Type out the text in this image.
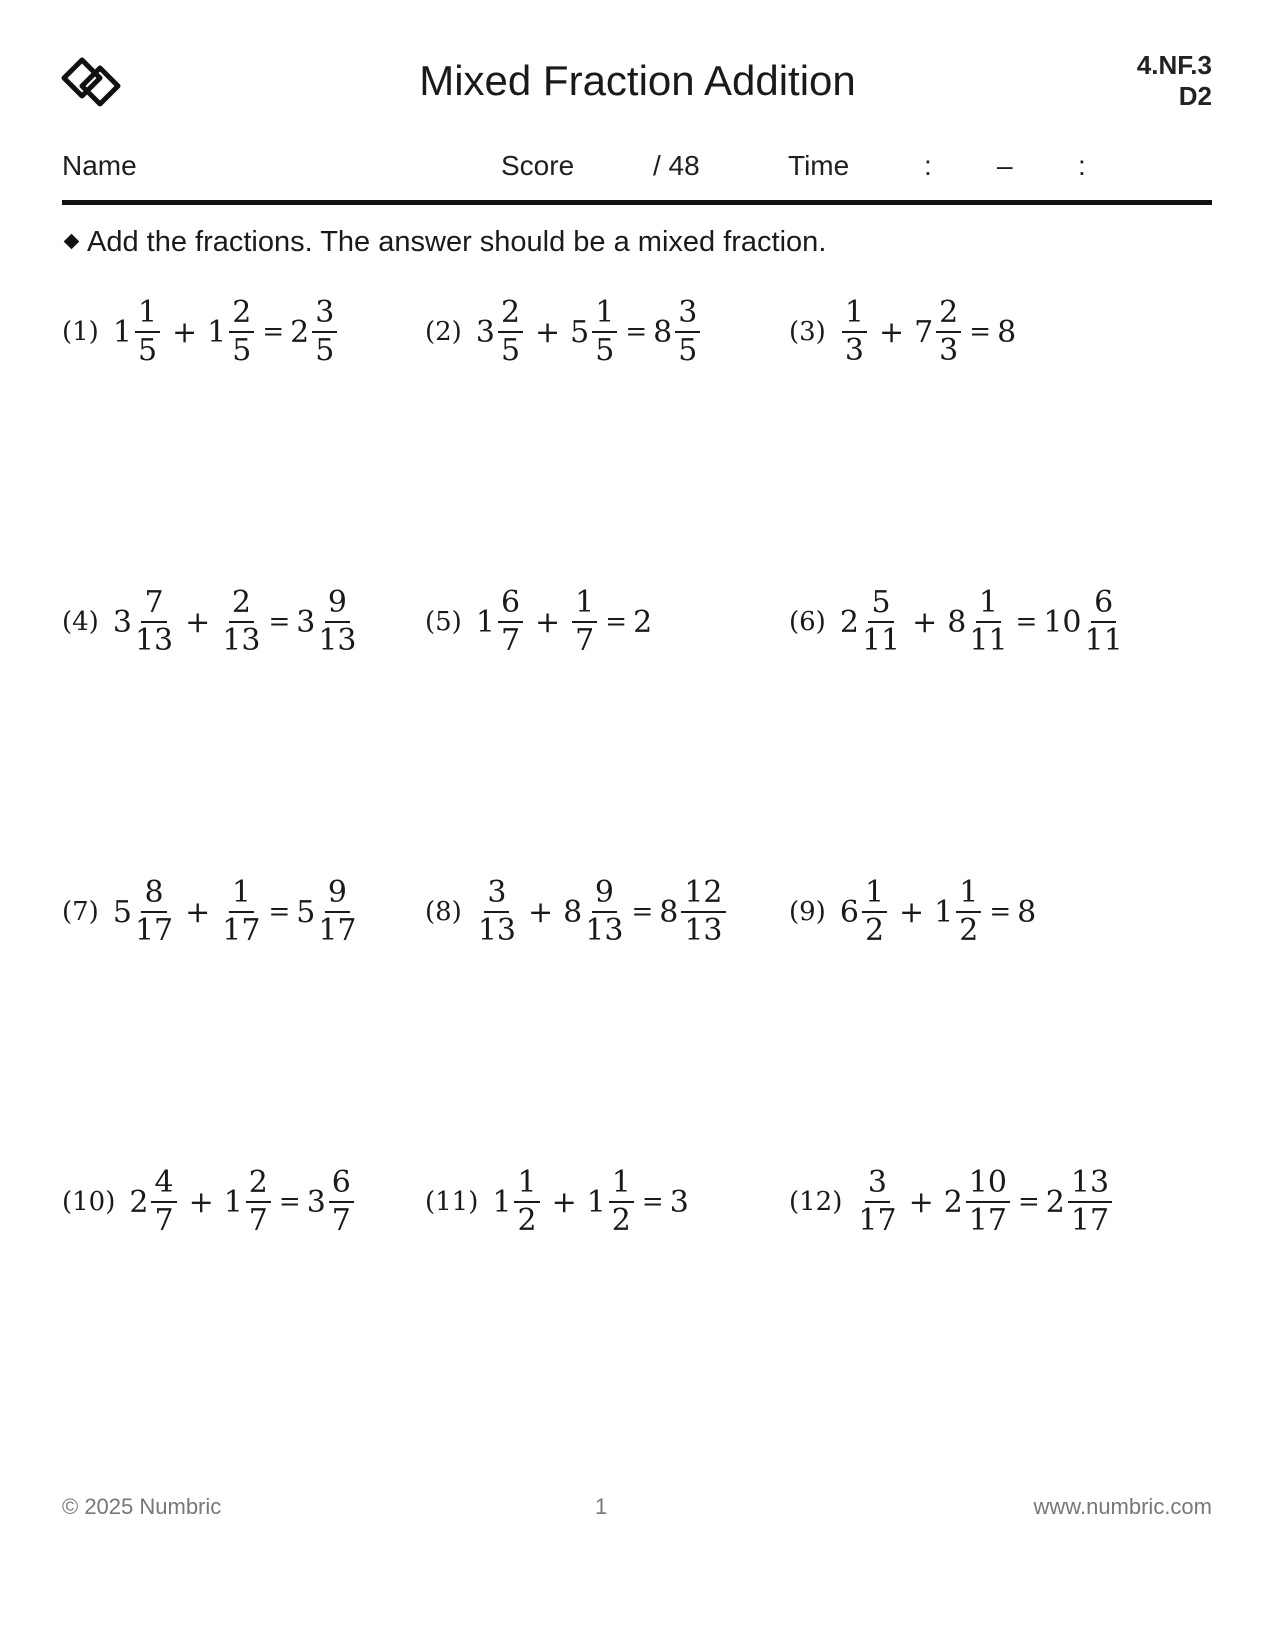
Mixed Fraction Addition	4.NF.3
D2
Name	Score	/ 48	Time	: – :
Add the fractions. The answer should be a mixed fraction.
(1) $1 \frac{1}{5} + 1 \frac{2}{5} = 2 \frac{3}{5}$	(2) $3 \frac{2}{5} + 5 \frac{1}{5} = 8 \frac{3}{5}$	$(3) \frac{1}{3} + 7 \frac{2}{3} = 8$
(4) $3 \frac{7}{13} + \frac{2}{13} = 3 \frac{9}{13}$	(5) $1 \frac{6}{7} + \frac{1}{7} = 2$	(6) $2 \frac{5}{11} + 8 \frac{1}{11} = 10 \frac{6}{11}$
(7) $5 \frac{8}{17} + \frac{1}{17} = 5 \frac{9}{17}$	$(8) \frac{3}{13} + 8 \frac{9}{13} = 8 \frac{12}{13} (9)$ $6 \frac{1}{2} + 1 \frac{1}{2} = 8$
(10) $2 \frac{4}{7} + 1 \frac{2}{7} = 3 \frac{6}{7}$	(11) $1 \frac{1}{2} + 1 \frac{1}{2} = 3$	$(12) \frac{3}{17} + 2 \frac{10}{17} = 2 \frac{13}{17}$
© 2025 Numbric	1	www.numbric.com
